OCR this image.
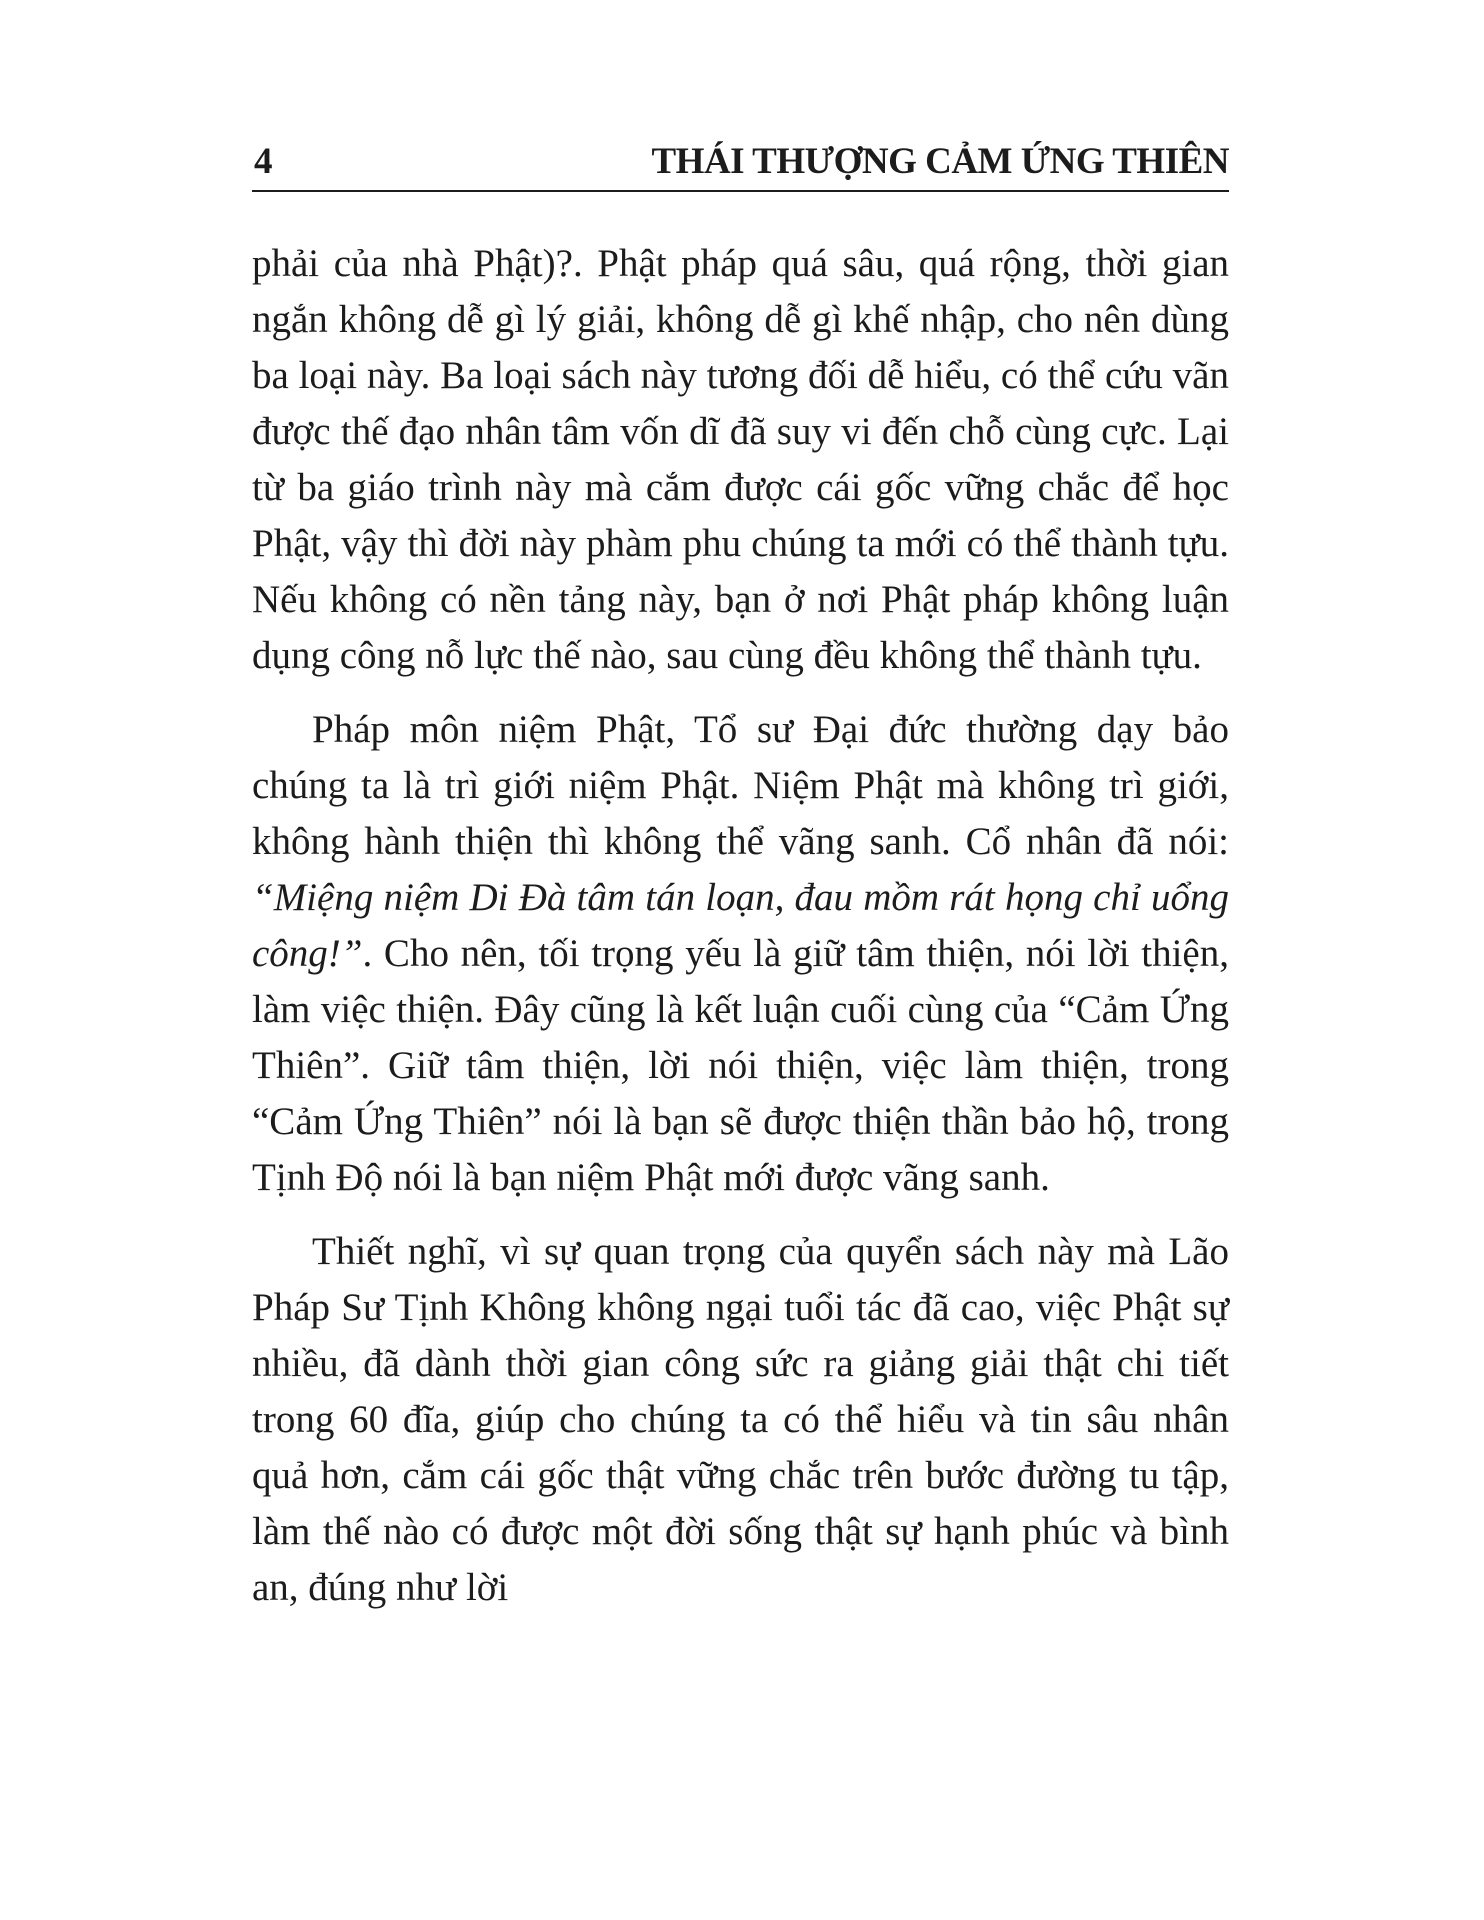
4	THÁI THƯỢNG CẢM ỨNG THIÊN

phải của nhà Phật)?. Phật pháp quá sâu, quá rộng, thời gian ngắn không dễ gì lý giải, không dễ gì khế nhập, cho nên dùng ba loại này. Ba loại sách này tương đối dễ hiểu, có thể cứu vãn được thế đạo nhân tâm vốn dĩ đã suy vi đến chỗ cùng cực. Lại từ ba giáo trình này mà cắm được cái gốc vững chắc để học Phật, vậy thì đời này phàm phu chúng ta mới có thể thành tựu. Nếu không có nền tảng này, bạn ở nơi Phật pháp không luận dụng công nỗ lực thế nào, sau cùng đều không thể thành tựu.

Pháp môn niệm Phật, Tổ sư Đại đức thường dạy bảo chúng ta là trì giới niệm Phật. Niệm Phật mà không trì giới, không hành thiện thì không thể vãng sanh. Cổ nhân đã nói: “Miệng niệm Di Đà tâm tán loạn, đau mồm rát họng chỉ uổng công!”. Cho nên, tối trọng yếu là giữ tâm thiện, nói lời thiện, làm việc thiện. Đây cũng là kết luận cuối cùng của “Cảm Ứng Thiên”. Giữ tâm thiện, lời nói thiện, việc làm thiện, trong “Cảm Ứng Thiên” nói là bạn sẽ được thiện thần bảo hộ, trong Tịnh Độ nói là bạn niệm Phật mới được vãng sanh.

Thiết nghĩ, vì sự quan trọng của quyển sách này mà Lão Pháp Sư Tịnh Không không ngại tuổi tác đã cao, việc Phật sự nhiều, đã dành thời gian công sức ra giảng giải thật chi tiết trong 60 đĩa, giúp cho chúng ta có thể hiểu và tin sâu nhân quả hơn, cắm cái gốc thật vững chắc trên bước đường tu tập, làm thế nào có được một đời sống thật sự hạnh phúc và bình an, đúng như lời
